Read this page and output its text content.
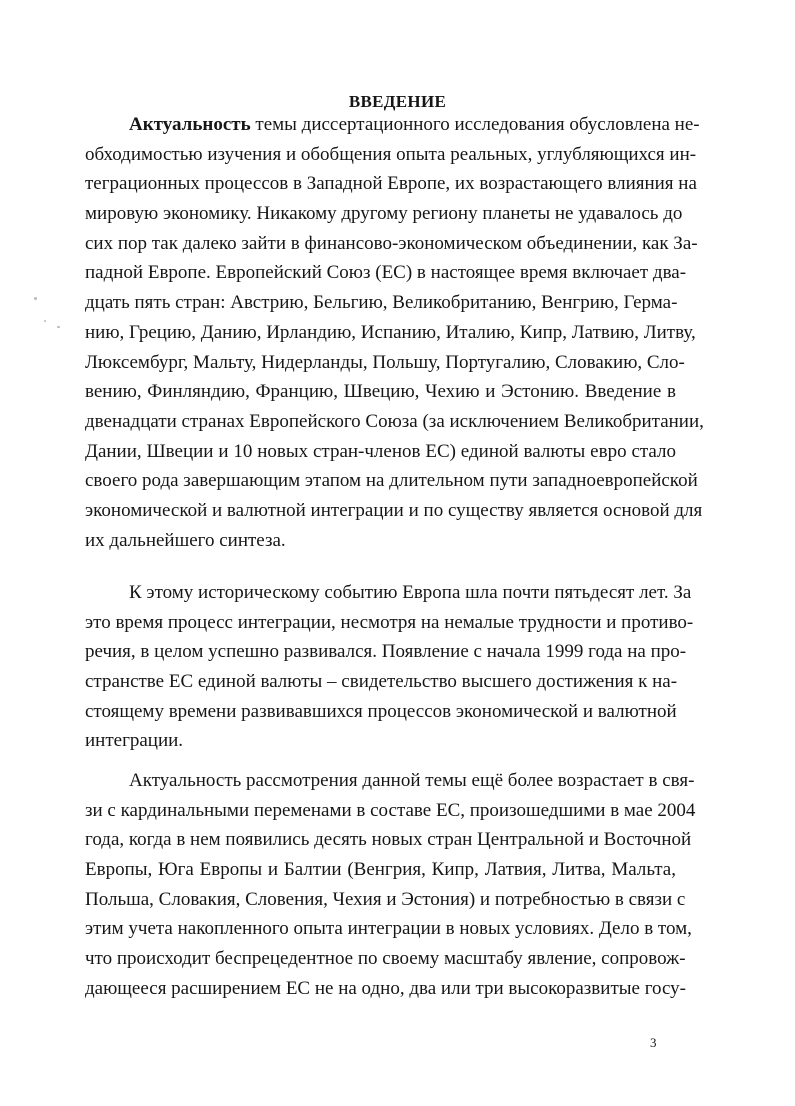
ВВЕДЕНИЕ
Актуальность темы диссертационного исследования обусловлена не-
обходимостью изучения и обобщения опыта реальных, углубляющихся ин-
теграционных процессов в Западной Европе, их возрастающего влияния на
мировую экономику. Никакому другому региону планеты не удавалось до
сих пор так далеко зайти в финансово-экономическом объединении, как За-
падной Европе. Европейский Союз (ЕС) в настоящее время включает два-
дцать пять стран: Австрию, Бельгию, Великобританию, Венгрию, Герма-
нию, Грецию, Данию, Ирландию, Испанию, Италию, Кипр, Латвию, Литву,
Люксембург, Мальту, Нидерланды, Польшу, Португалию, Словакию, Сло-
вению, Финляндию, Францию, Швецию, Чехию и Эстонию. Введение в
двенадцати странах Европейского Союза (за исключением Великобритании,
Дании, Швеции и 10 новых стран-членов ЕС) единой валюты евро стало
своего рода завершающим этапом на длительном пути западноевропейской
экономической и валютной интеграции и по существу является основой для
их дальнейшего синтеза.
К этому историческому событию Европа шла почти пятьдесят лет. За
это время процесс интеграции, несмотря на немалые трудности и противо-
речия, в целом успешно развивался. Появление с начала 1999 года на про-
странстве ЕС единой валюты – свидетельство высшего достижения к на-
стоящему времени развивавшихся процессов экономической и валютной
интеграции.
Актуальность рассмотрения данной темы ещё более возрастает в свя-
зи с кардинальными переменами в составе ЕС, произошедшими в мае 2004
года, когда в нем появились десять новых стран Центральной и Восточной
Европы, Юга Европы и Балтии (Венгрия, Кипр, Латвия, Литва, Мальта,
Польша, Словакия, Словения, Чехия и Эстония) и потребностью в связи с
этим учета накопленного опыта интеграции в новых условиях. Дело в том,
что происходит беспрецедентное по своему масштабу явление, сопровож-
дающееся расширением ЕС не на одно, два или три высокоразвитые госу-
3
